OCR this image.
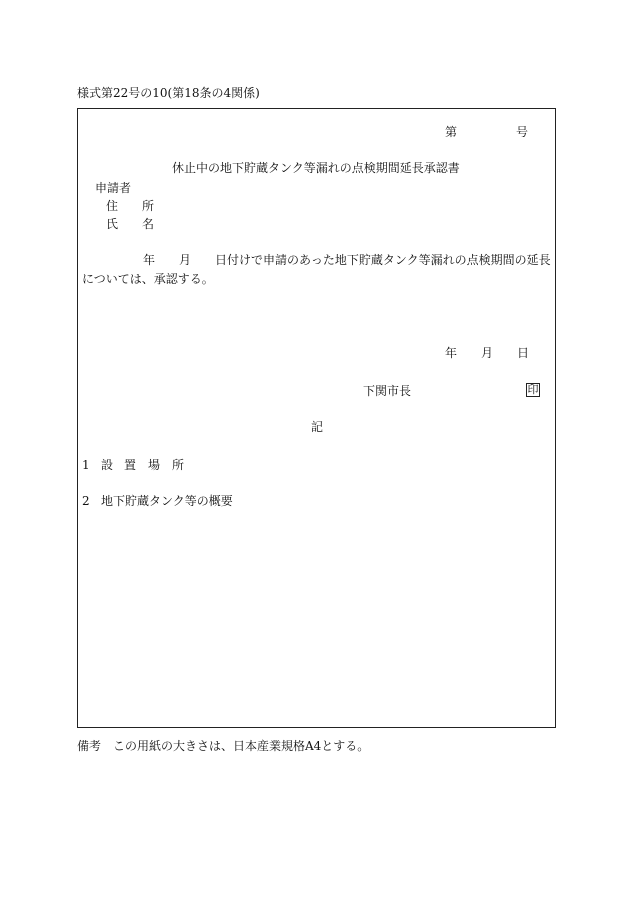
様式第22号の10(第18条の4関係)
第	号
休止中の地下貯蔵タンク等漏れの点検期間延長承認書
申請者
住 所
氏 名
年 月 日付けで申請のあった地下貯蔵タンク等漏れの点検期間の延長
については、承認する。
年 月 日
下関市長	印
記
1 設 置 場 所
2 地下貯蔵タンク等の概要
備考　この用紙の大きさは、日本産業規格A4とする。
